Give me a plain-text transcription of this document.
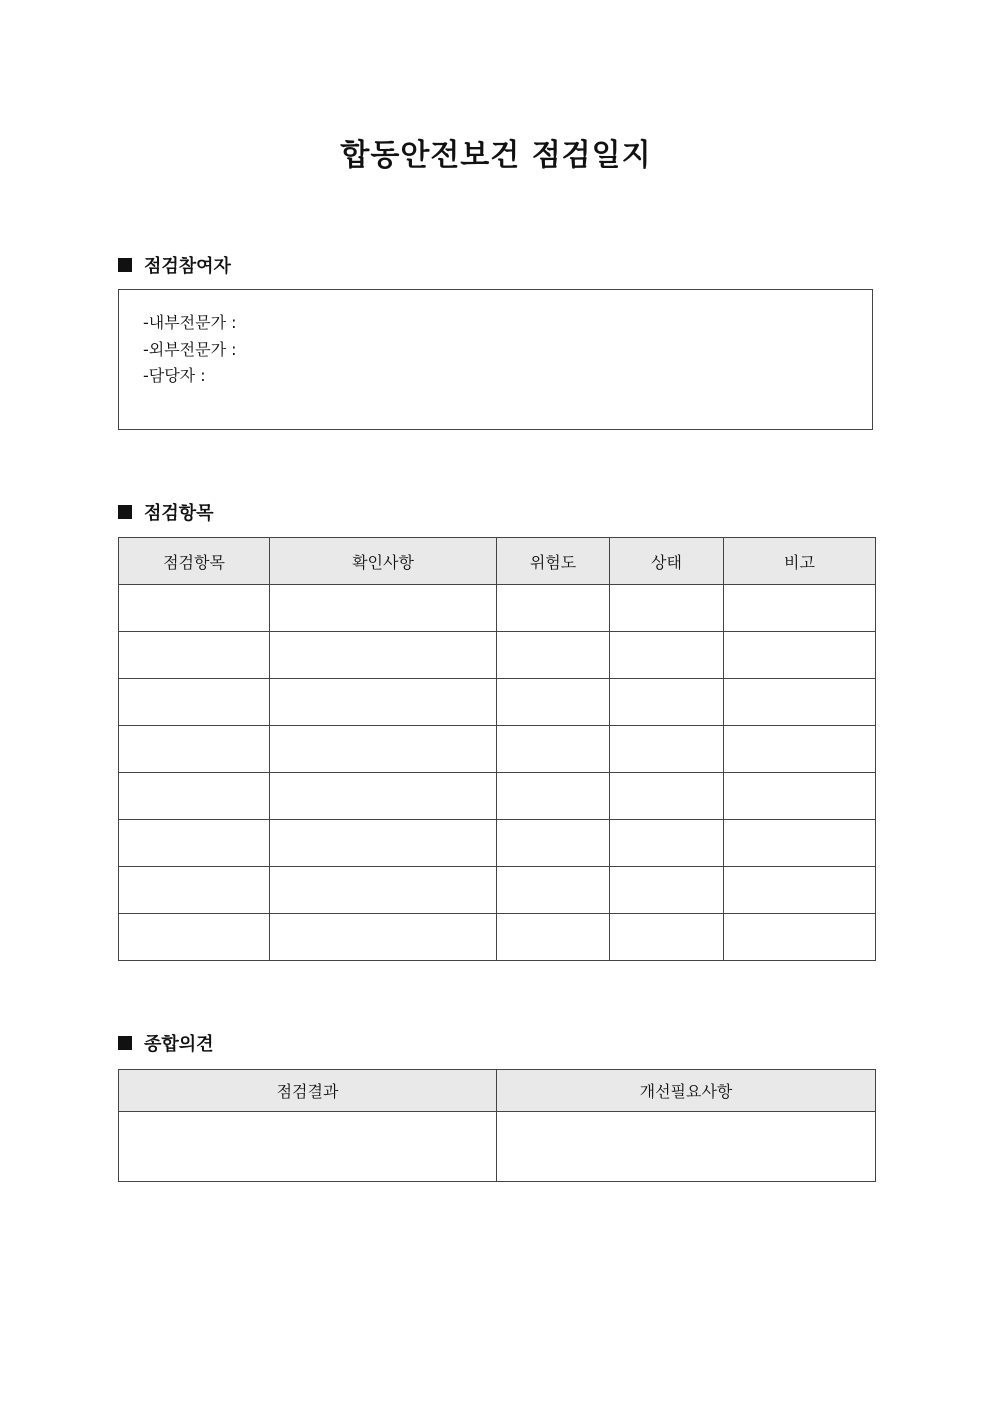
합동안전보건 점검일지
점검참여자
-내부전문가 :
-외부전문가 :
-담당자 :
점검항목
점검항목	확인사항	위험도	상태	비고

종합의견
점검결과	개선필요사항
